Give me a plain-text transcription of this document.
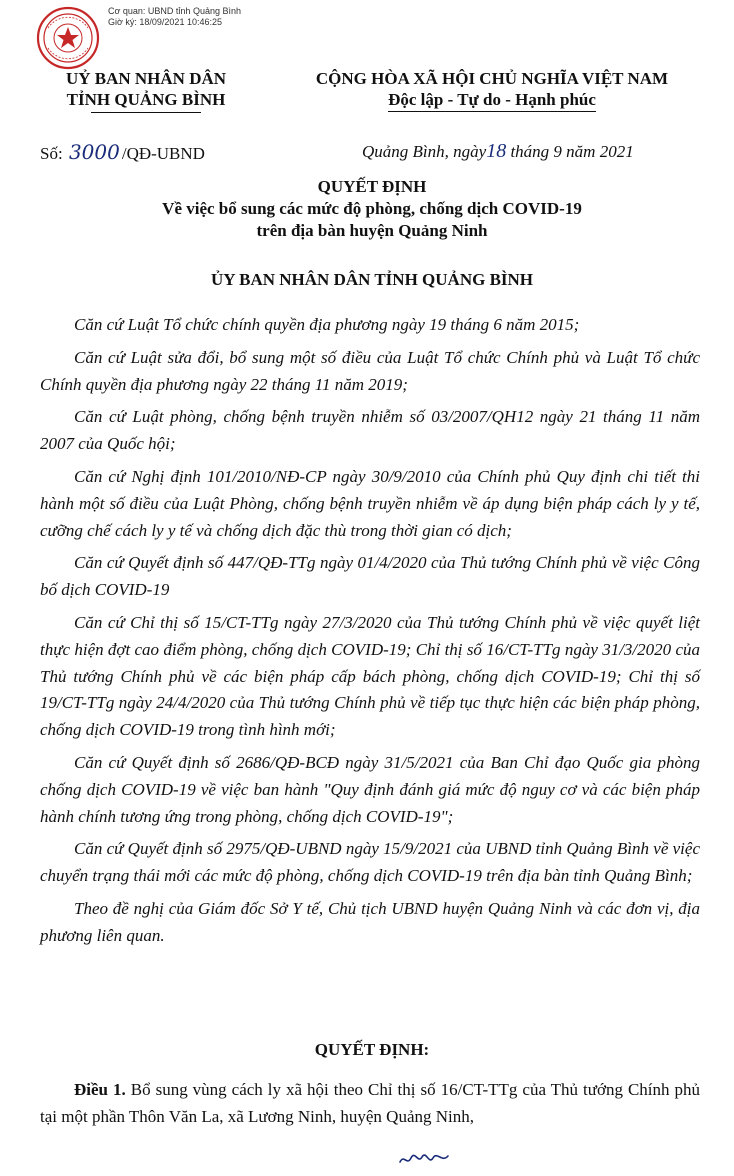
Cơ quan: UBND tỉnh Quảng Bình
Giờ ký: 18/09/2021 10:46:25
UỶ BAN NHÂN DÂN
TỈNH QUẢNG BÌNH
CỘNG HÒA XÃ HỘI CHỦ NGHĨA VIỆT NAM
Độc lập - Tự do - Hạnh phúc
Số: 3000 /QĐ-UBND	Quảng Bình, ngày18 tháng 9 năm 2021
QUYẾT ĐỊNH
Về việc bổ sung các mức độ phòng, chống dịch COVID-19
trên địa bàn huyện Quảng Ninh
ỦY BAN NHÂN DÂN TỈNH QUẢNG BÌNH

Căn cứ Luật Tổ chức chính quyền địa phương ngày 19 tháng 6 năm 2015;

Căn cứ Luật sửa đổi, bổ sung một số điều của Luật Tổ chức Chính phủ và Luật Tổ chức Chính quyền địa phương ngày 22 tháng 11 năm 2019;

Căn cứ Luật phòng, chống bệnh truyền nhiễm số 03/2007/QH12 ngày 21 tháng 11 năm 2007 của Quốc hội;

Căn cứ Nghị định 101/2010/NĐ-CP ngày 30/9/2010 của Chính phủ Quy định chi tiết thi hành một số điều của Luật Phòng, chống bệnh truyền nhiễm về áp dụng biện pháp cách ly y tế, cưỡng chế cách ly y tế và chống dịch đặc thù trong thời gian có dịch;

Căn cứ Quyết định số 447/QĐ-TTg ngày 01/4/2020 của Thủ tướng Chính phủ về việc Công bố dịch COVID-19

Căn cứ Chỉ thị số 15/CT-TTg ngày 27/3/2020 của Thủ tướng Chính phủ về việc quyết liệt thực hiện đợt cao điểm phòng, chống dịch COVID-19; Chỉ thị số 16/CT-TTg ngày 31/3/2020 của Thủ tướng Chính phủ về các biện pháp cấp bách phòng, chống dịch COVID-19; Chỉ thị số 19/CT-TTg ngày 24/4/2020 của Thủ tướng Chính phủ về tiếp tục thực hiện các biện pháp phòng, chống dịch COVID-19 trong tình hình mới;

Căn cứ Quyết định số 2686/QĐ-BCĐ ngày 31/5/2021 của Ban Chỉ đạo Quốc gia phòng chống dịch COVID-19 về việc ban hành "Quy định đánh giá mức độ nguy cơ và các biện pháp hành chính tương ứng trong phòng, chống dịch COVID-19";

Căn cứ Quyết định số 2975/QĐ-UBND ngày 15/9/2021 của UBND tỉnh Quảng Bình về việc chuyển trạng thái mới các mức độ phòng, chống dịch COVID-19 trên địa bàn tỉnh Quảng Bình;

Theo đề nghị của Giám đốc Sở Y tế, Chủ tịch UBND huyện Quảng Ninh và các đơn vị, địa phương liên quan.

QUYẾT ĐỊNH:

Điều 1. Bổ sung vùng cách ly xã hội theo Chỉ thị số 16/CT-TTg của Thủ tướng Chính phủ tại một phần Thôn Văn La, xã Lương Ninh, huyện Quảng Ninh,
